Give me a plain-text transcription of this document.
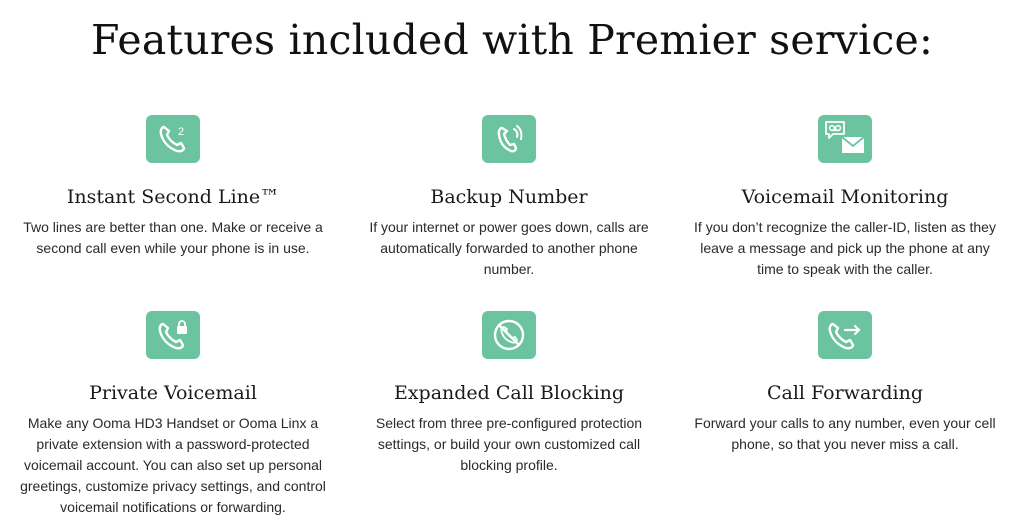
Features included with Premier service:
2
Instant Second Line™

Two lines are better than one. Make or receive a second call even while your phone is in use.

Backup Number

If your internet or power goes down, calls are automatically forwarded to another phone number.

Voicemail Monitoring

If you don’t recognize the caller-ID, listen as they leave a message and pick up the phone at any time to speak with the caller.

Private Voicemail

Make any Ooma HD3 Handset or Ooma Linx a private extension with a password-protected voicemail account. You can also set up personal greetings, customize privacy settings, and control voicemail notifications or forwarding.

Expanded Call Blocking

Select from three pre-configured protection settings, or build your own customized call blocking profile.

Call Forwarding

Forward your calls to any number, even your cell phone, so that you never miss a call.
